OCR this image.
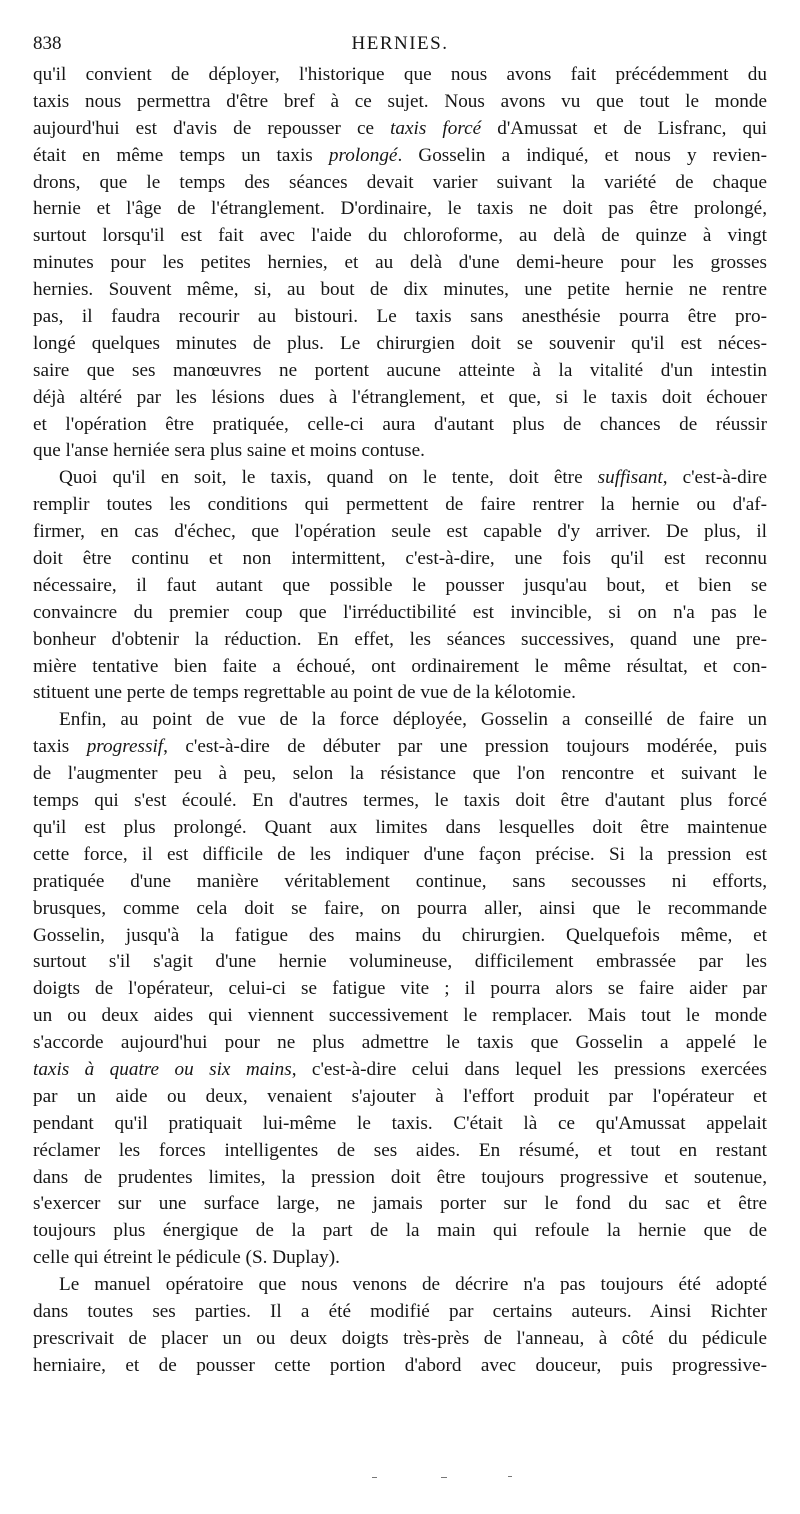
838	HERNIES.
qu'il convient de déployer, l'historique que nous avons fait précédemment du
taxis nous permettra d'être bref à ce sujet. Nous avons vu que tout le monde
aujourd'hui est d'avis de repousser ce taxis forcé d'Amussat et de Lisfranc, qui
était en même temps un taxis prolongé. Gosselin a indiqué, et nous y revien-
drons, que le temps des séances devait varier suivant la variété de chaque
hernie et l'âge de l'étranglement. D'ordinaire, le taxis ne doit pas être prolongé,
surtout lorsqu'il est fait avec l'aide du chloroforme, au delà de quinze à vingt
minutes pour les petites hernies, et au delà d'une demi-heure pour les grosses
hernies. Souvent même, si, au bout de dix minutes, une petite hernie ne rentre
pas, il faudra recourir au bistouri. Le taxis sans anesthésie pourra être pro-
longé quelques minutes de plus. Le chirurgien doit se souvenir qu'il est néces-
saire que ses manœuvres ne portent aucune atteinte à la vitalité d'un intestin
déjà altéré par les lésions dues à l'étranglement, et que, si le taxis doit échouer
et l'opération être pratiquée, celle-ci aura d'autant plus de chances de réussir
que l'anse herniée sera plus saine et moins contuse.
Quoi qu'il en soit, le taxis, quand on le tente, doit être suffisant, c'est-à-dire
remplir toutes les conditions qui permettent de faire rentrer la hernie ou d'af-
firmer, en cas d'échec, que l'opération seule est capable d'y arriver. De plus, il
doit être continu et non intermittent, c'est-à-dire, une fois qu'il est reconnu
nécessaire, il faut autant que possible le pousser jusqu'au bout, et bien se
convaincre du premier coup que l'irréductibilité est invincible, si on n'a pas le
bonheur d'obtenir la réduction. En effet, les séances successives, quand une pre-
mière tentative bien faite a échoué, ont ordinairement le même résultat, et con-
stituent une perte de temps regrettable au point de vue de la kélotomie.
Enfin, au point de vue de la force déployée, Gosselin a conseillé de faire un
taxis progressif, c'est-à-dire de débuter par une pression toujours modérée, puis
de l'augmenter peu à peu, selon la résistance que l'on rencontre et suivant le
temps qui s'est écoulé. En d'autres termes, le taxis doit être d'autant plus forcé
qu'il est plus prolongé. Quant aux limites dans lesquelles doit être maintenue
cette force, il est difficile de les indiquer d'une façon précise. Si la pression est
pratiquée d'une manière véritablement continue, sans secousses ni efforts,
brusques, comme cela doit se faire, on pourra aller, ainsi que le recommande
Gosselin, jusqu'à la fatigue des mains du chirurgien. Quelquefois même, et
surtout s'il s'agit d'une hernie volumineuse, difficilement embrassée par les
doigts de l'opérateur, celui-ci se fatigue vite ; il pourra alors se faire aider par
un ou deux aides qui viennent successivement le remplacer. Mais tout le monde
s'accorde aujourd'hui pour ne plus admettre le taxis que Gosselin a appelé le
taxis à quatre ou six mains, c'est-à-dire celui dans lequel les pressions exercées
par un aide ou deux, venaient s'ajouter à l'effort produit par l'opérateur et
pendant qu'il pratiquait lui-même le taxis. C'était là ce qu'Amussat appelait
réclamer les forces intelligentes de ses aides. En résumé, et tout en restant
dans de prudentes limites, la pression doit être toujours progressive et soutenue,
s'exercer sur une surface large, ne jamais porter sur le fond du sac et être
toujours plus énergique de la part de la main qui refoule la hernie que de
celle qui étreint le pédicule (S. Duplay).
Le manuel opératoire que nous venons de décrire n'a pas toujours été adopté
dans toutes ses parties. Il a été modifié par certains auteurs. Ainsi Richter
prescrivait de placer un ou deux doigts très-près de l'anneau, à côté du pédicule
herniaire, et de pousser cette portion d'abord avec douceur, puis progressive-
